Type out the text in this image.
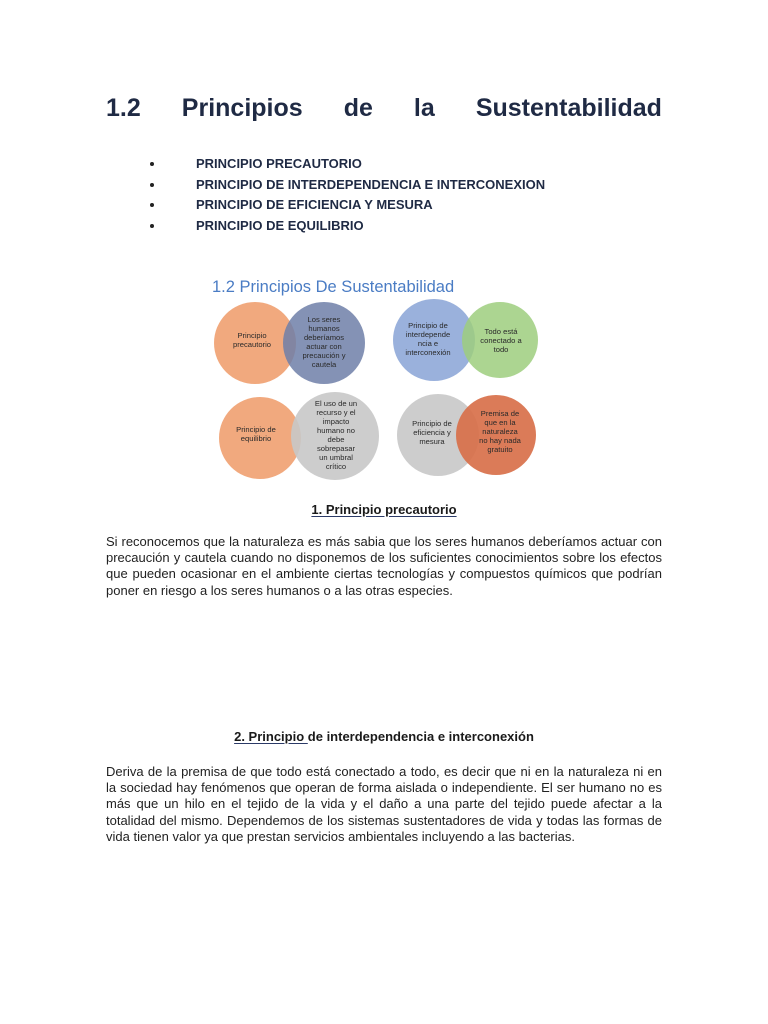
1.2 Principios de la Sustentabilidad
PRINCIPIO PRECAUTORIO
PRINCIPIO DE INTERDEPENDENCIA E INTERCONEXION
PRINCIPIO DE EFICIENCIA Y MESURA
PRINCIPIO DE EQUILIBRIO
1.2 Principios De Sustentabilidad
Principio
precautorio
Los seres
humanos
deberíamos
actuar con
precaución y
cautela
Principio de
interdepende
ncia e
interconexión
Todo está
conectado a
todo
Principio de
equilibrio
El uso de un
recurso y el
impacto
humano no
debe
sobrepasar
un umbral
crítico
Principio de
eficiencia y
mesura
Premisa de
que en la
naturaleza
no hay nada
gratuito
1. Principio precautorio
Si reconocemos que la naturaleza es más sabia que los seres humanos deberíamos actuar con precaución y cautela cuando no disponemos de los suficientes conocimientos sobre los efectos que pueden ocasionar en el ambiente ciertas tecnologías y compuestos químicos que podrían poner en riesgo a los seres humanos o a las otras especies.
2. Principio de interdependencia e interconexión
Deriva de la premisa de que todo está conectado a todo, es decir que ni en la naturaleza ni en la sociedad hay fenómenos que operan de forma aislada o independiente. El ser humano no es más que un hilo en el tejido de la vida y el daño a una parte del tejido puede afectar a la totalidad del mismo. Dependemos de los sistemas sustentadores de vida y todas las formas de vida tienen valor ya que prestan servicios ambientales incluyendo a las bacterias.
